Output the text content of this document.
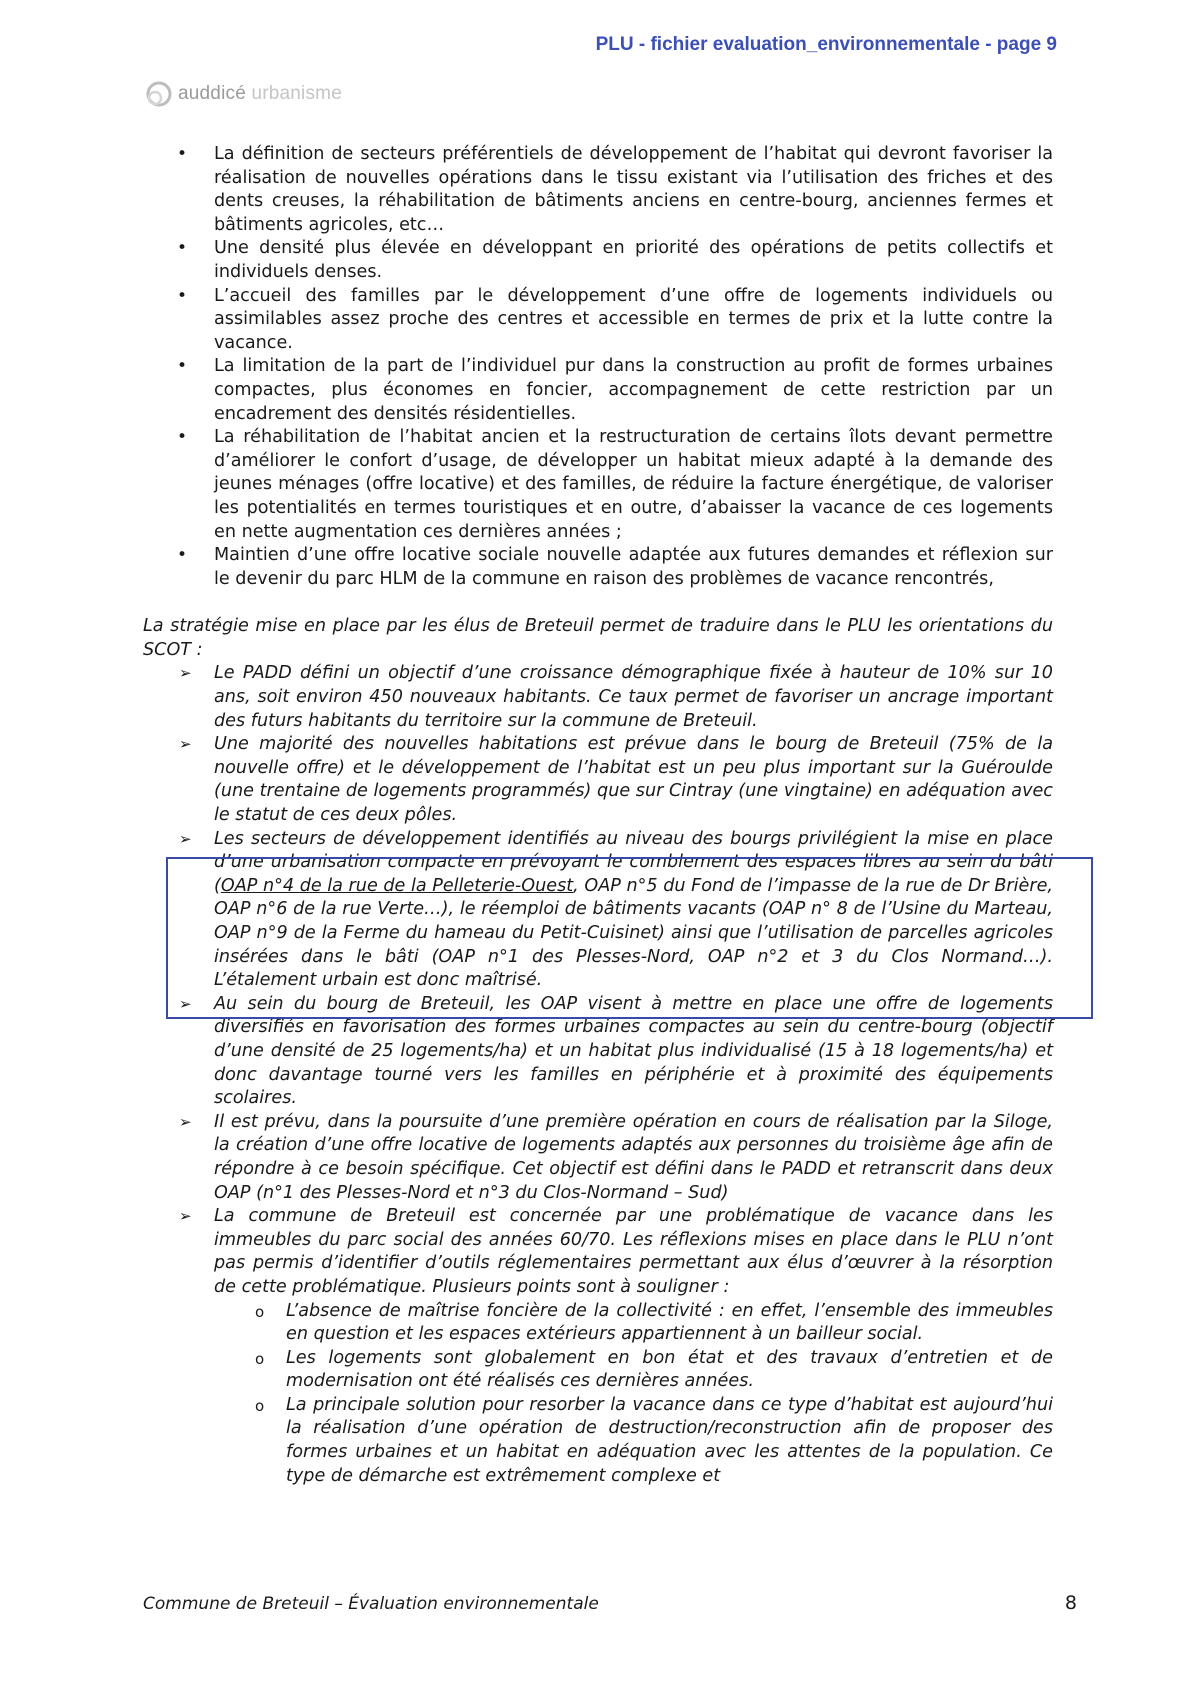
PLU - fichier evaluation_environnementale - page 9
auddicé urbanisme
• La définition de secteurs préférentiels de développement de l’habitat qui devront favoriser la réalisation de nouvelles opérations dans le tissu existant via l’utilisation des friches et des dents creuses, la réhabilitation de bâtiments anciens en centre-bourg, anciennes fermes et bâtiments agricoles, etc…
• Une densité plus élevée en développant en priorité des opérations de petits collectifs et individuels denses.
• L’accueil des familles par le développement d’une offre de logements individuels ou assimilables assez proche des centres et accessible en termes de prix et la lutte contre la vacance.
• La limitation de la part de l’individuel pur dans la construction au profit de formes urbaines compactes, plus économes en foncier, accompagnement de cette restriction par un encadrement des densités résidentielles.
• La réhabilitation de l’habitat ancien et la restructuration de certains îlots devant permettre d’améliorer le confort d’usage, de développer un habitat mieux adapté à la demande des jeunes ménages (offre locative) et des familles, de réduire la facture énergétique, de valoriser les potentialités en termes touristiques et en outre, d’abaisser la vacance de ces logements en nette augmentation ces dernières années ;
• Maintien d’une offre locative sociale nouvelle adaptée aux futures demandes et réflexion sur le devenir du parc HLM de la commune en raison des problèmes de vacance rencontrés,
La stratégie mise en place par les élus de Breteuil permet de traduire dans le PLU les orientations du SCOT :
➢ Le PADD défini un objectif d’une croissance démographique fixée à hauteur de 10% sur 10 ans, soit environ 450 nouveaux habitants. Ce taux permet de favoriser un ancrage important des futurs habitants du territoire sur la commune de Breteuil.
➢ Une majorité des nouvelles habitations est prévue dans le bourg de Breteuil (75% de la nouvelle offre) et le développement de l’habitat est un peu plus important sur la Guéroulde (une trentaine de logements programmés) que sur Cintray (une vingtaine) en adéquation avec le statut de ces deux pôles.
➢ Les secteurs de développement identifiés au niveau des bourgs privilégient la mise en place d’une urbanisation compacte en prévoyant le comblement des espaces libres au sein du bâti (OAP n°4 de la rue de la Pelleterie-Ouest, OAP n°5 du Fond de l’impasse de la rue de Dr Brière, OAP n°6 de la rue Verte…), le réemploi de bâtiments vacants (OAP n° 8 de l’Usine du Marteau, OAP n°9 de la Ferme du hameau du Petit-Cuisinet) ainsi que l’utilisation de parcelles agricoles insérées dans le bâti (OAP n°1 des Plesses-Nord, OAP n°2 et 3 du Clos Normand…). L’étalement urbain est donc maîtrisé.
➢ Au sein du bourg de Breteuil, les OAP visent à mettre en place une offre de logements diversifiés en favorisation des formes urbaines compactes au sein du centre-bourg (objectif d’une densité de 25 logements/ha) et un habitat plus individualisé (15 à 18 logements/ha) et donc davantage tourné vers les familles en périphérie et à proximité des équipements scolaires.
➢ Il est prévu, dans la poursuite d’une première opération en cours de réalisation par la Siloge, la création d’une offre locative de logements adaptés aux personnes du troisième âge afin de répondre à ce besoin spécifique. Cet objectif est défini dans le PADD et retranscrit dans deux OAP (n°1 des Plesses-Nord et n°3 du Clos-Normand – Sud)
➢ La commune de Breteuil est concernée par une problématique de vacance dans les immeubles du parc social des années 60/70. Les réflexions mises en place dans le PLU n’ont pas permis d’identifier d’outils réglementaires permettant aux élus d’œuvrer à la résorption de cette problématique. Plusieurs points sont à souligner :
o L’absence de maîtrise foncière de la collectivité : en effet, l’ensemble des immeubles en question et les espaces extérieurs appartiennent à un bailleur social.
o Les logements sont globalement en bon état et des travaux d’entretien et de modernisation ont été réalisés ces dernières années.
o La principale solution pour resorber la vacance dans ce type d’habitat est aujourd’hui la réalisation d’une opération de destruction/reconstruction afin de proposer des formes urbaines et un habitat en adéquation avec les attentes de la population. Ce type de démarche est extrêmement complexe et
Commune de Breteuil – Évaluation environnementale	8
